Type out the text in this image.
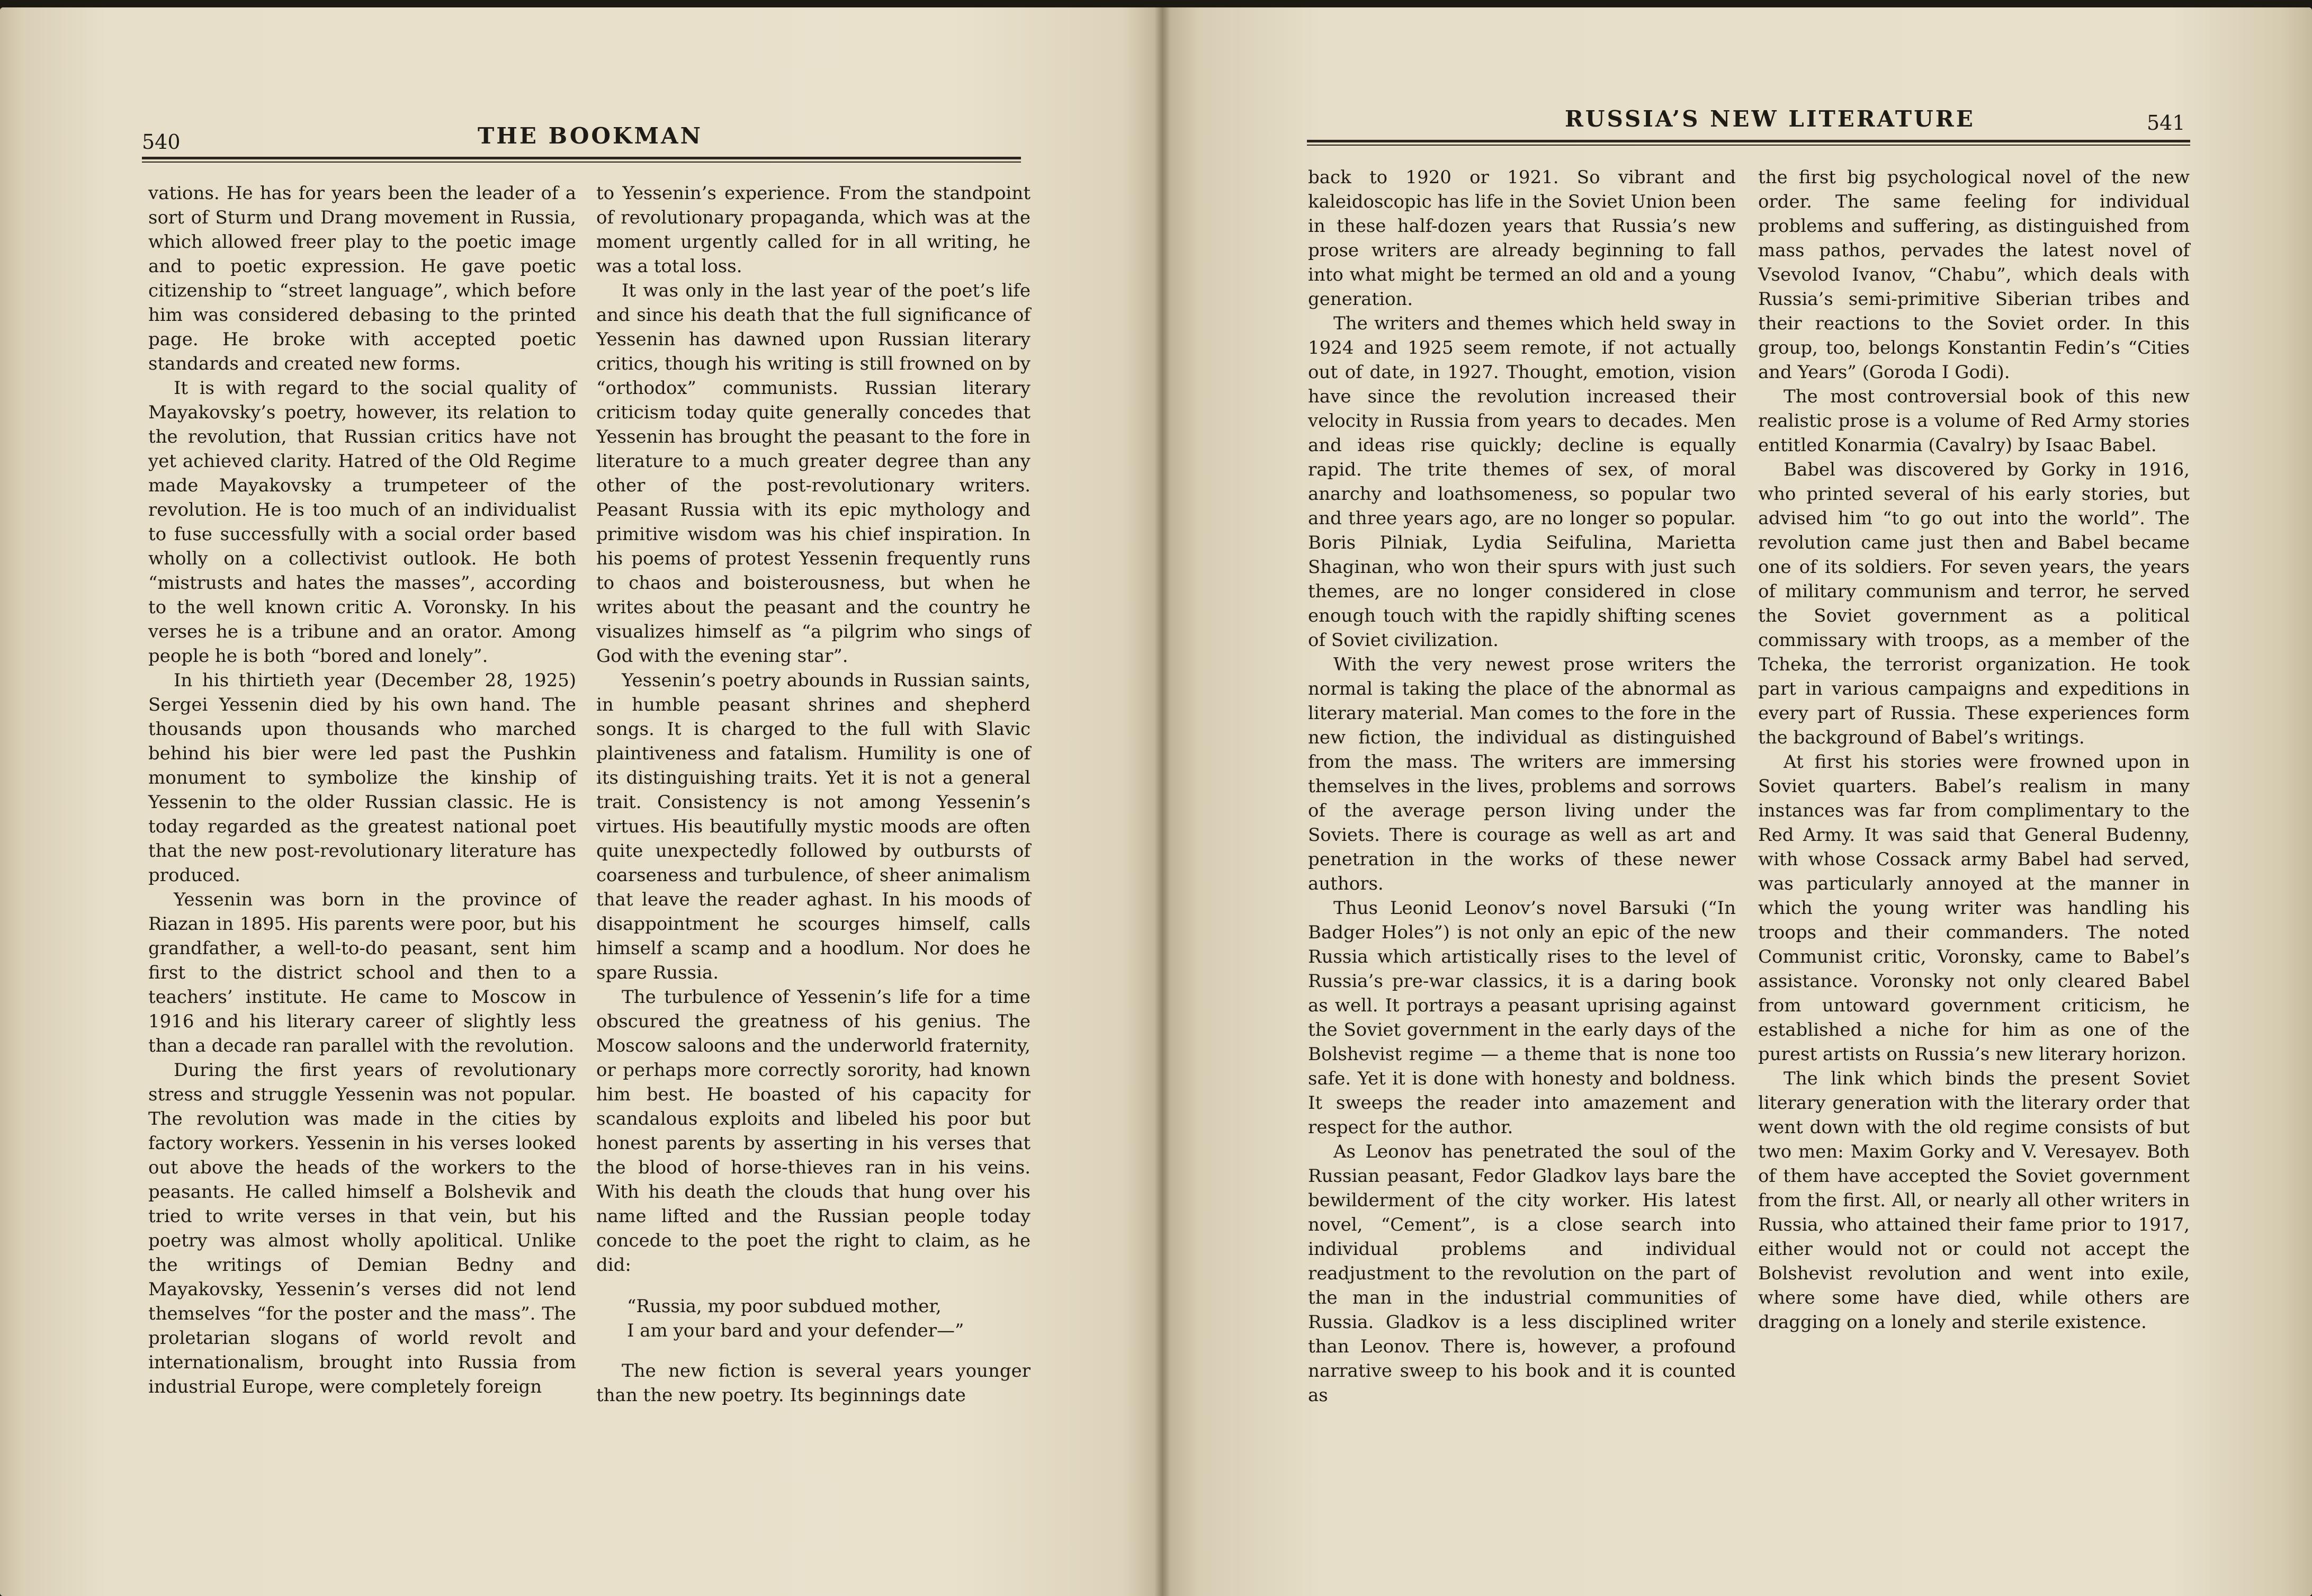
540	THE BOOKMAN
RUSSIA’S NEW LITERATURE	541

vations. He has for years been the leader of a sort of Sturm und Drang movement in Russia, which allowed freer play to the poetic image and to poetic expression. He gave poetic citizenship to “street language”, which before him was considered debasing to the printed page. He broke with accepted poetic standards and created new forms.

It is with regard to the social quality of Mayakovsky’s poetry, however, its relation to the revolution, that Russian critics have not yet achieved clarity. Hatred of the Old Regime made Mayakovsky a trumpeteer of the revolution. He is too much of an individualist to fuse successfully with a social order based wholly on a collectivist outlook. He both “mistrusts and hates the masses”, according to the well known critic A. Voronsky. In his verses he is a tribune and an orator. Among people he is both “bored and lonely”.

In his thirtieth year (December 28, 1925) Sergei Yessenin died by his own hand. The thousands upon thousands who marched behind his bier were led past the Pushkin monument to symbolize the kinship of Yessenin to the older Russian classic. He is today regarded as the greatest national poet that the new post-revolutionary literature has produced.

Yessenin was born in the province of Riazan in 1895. His parents were poor, but his grandfather, a well-to-do peasant, sent him first to the district school and then to a teachers’ institute. He came to Moscow in 1916 and his literary career of slightly less than a decade ran parallel with the revolution.

During the first years of revolutionary stress and struggle Yessenin was not popular. The revolution was made in the cities by factory workers. Yessenin in his verses looked out above the heads of the workers to the peasants. He called himself a Bolshevik and tried to write verses in that vein, but his poetry was almost wholly apolitical. Unlike the writings of Demian Bedny and Mayakovsky, Yessenin’s verses did not lend themselves “for the poster and the mass”. The proletarian slogans of world revolt and internationalism, brought into Russia from industrial Europe, were completely foreign

to Yessenin’s experience. From the standpoint of revolutionary propaganda, which was at the moment urgently called for in all writing, he was a total loss.

It was only in the last year of the poet’s life and since his death that the full significance of Yessenin has dawned upon Russian literary critics, though his writing is still frowned on by “orthodox” communists. Russian literary criticism today quite generally concedes that Yessenin has brought the peasant to the fore in literature to a much greater degree than any other of the post-revolutionary writers. Peasant Russia with its epic mythology and primitive wisdom was his chief inspiration. In his poems of protest Yessenin frequently runs to chaos and boisterousness, but when he writes about the peasant and the country he visualizes himself as “a pilgrim who sings of God with the evening star”.

Yessenin’s poetry abounds in Russian saints, in humble peasant shrines and shepherd songs. It is charged to the full with Slavic plaintiveness and fatalism. Humility is one of its distinguishing traits. Yet it is not a general trait. Consistency is not among Yessenin’s virtues. His beautifully mystic moods are often quite unexpectedly followed by outbursts of coarseness and turbulence, of sheer animalism that leave the reader aghast. In his moods of disappointment he scourges himself, calls himself a scamp and a hoodlum. Nor does he spare Russia.

The turbulence of Yessenin’s life for a time obscured the greatness of his genius. The Moscow saloons and the underworld fraternity, or perhaps more correctly sorority, had known him best. He boasted of his capacity for scandalous exploits and libeled his poor but honest parents by asserting in his verses that the blood of horse-thieves ran in his veins. With his death the clouds that hung over his name lifted and the Russian people today concede to the poet the right to claim, as he did:

“Russia, my poor subdued mother,
I am your bard and your defender—”

The new fiction is several years younger than the new poetry. Its beginnings date

back to 1920 or 1921. So vibrant and kaleidoscopic has life in the Soviet Union been in these half-dozen years that Russia’s new prose writers are already beginning to fall into what might be termed an old and a young generation.

The writers and themes which held sway in 1924 and 1925 seem remote, if not actually out of date, in 1927. Thought, emotion, vision have since the revolution increased their velocity in Russia from years to decades. Men and ideas rise quickly; decline is equally rapid. The trite themes of sex, of moral anarchy and loathsomeness, so popular two and three years ago, are no longer so popular. Boris Pilniak, Lydia Seifulina, Marietta Shaginan, who won their spurs with just such themes, are no longer considered in close enough touch with the rapidly shifting scenes of Soviet civilization.

With the very newest prose writers the normal is taking the place of the abnormal as literary material. Man comes to the fore in the new fiction, the individual as distinguished from the mass. The writers are immersing themselves in the lives, problems and sorrows of the average person living under the Soviets. There is courage as well as art and penetration in the works of these newer authors.

Thus Leonid Leonov’s novel Barsuki (“In Badger Holes”) is not only an epic of the new Russia which artistically rises to the level of Russia’s pre-war classics, it is a daring book as well. It portrays a peasant uprising against the Soviet government in the early days of the Bolshevist regime — a theme that is none too safe. Yet it is done with honesty and boldness. It sweeps the reader into amazement and respect for the author.

As Leonov has penetrated the soul of the Russian peasant, Fedor Gladkov lays bare the bewilderment of the city worker. His latest novel, “Cement”, is a close search into individual problems and individual readjustment to the revolution on the part of the man in the industrial communities of Russia. Gladkov is a less disciplined writer than Leonov. There is, however, a profound narrative sweep to his book and it is counted as

the first big psychological novel of the new order. The same feeling for individual problems and suffering, as distinguished from mass pathos, pervades the latest novel of Vsevolod Ivanov, “Chabu”, which deals with Russia’s semi-primitive Siberian tribes and their reactions to the Soviet order. In this group, too, belongs Konstantin Fedin’s “Cities and Years” (Goroda I Godi).

The most controversial book of this new realistic prose is a volume of Red Army stories entitled Konarmia (Cavalry) by Isaac Babel.

Babel was discovered by Gorky in 1916, who printed several of his early stories, but advised him “to go out into the world”. The revolution came just then and Babel became one of its soldiers. For seven years, the years of military communism and terror, he served the Soviet government as a political commissary with troops, as a member of the Tcheka, the terrorist organization. He took part in various campaigns and expeditions in every part of Russia. These experiences form the background of Babel’s writings.

At first his stories were frowned upon in Soviet quarters. Babel’s realism in many instances was far from complimentary to the Red Army. It was said that General Budenny, with whose Cossack army Babel had served, was particularly annoyed at the manner in which the young writer was handling his troops and their commanders. The noted Communist critic, Voronsky, came to Babel’s assistance. Voronsky not only cleared Babel from untoward government criticism, he established a niche for him as one of the purest artists on Russia’s new literary horizon.

The link which binds the present Soviet literary generation with the literary order that went down with the old regime consists of but two men: Maxim Gorky and V. Veresayev. Both of them have accepted the Soviet government from the first. All, or nearly all other writers in Russia, who attained their fame prior to 1917, either would not or could not accept the Bolshevist revolution and went into exile, where some have died, while others are dragging on a lonely and sterile existence.
